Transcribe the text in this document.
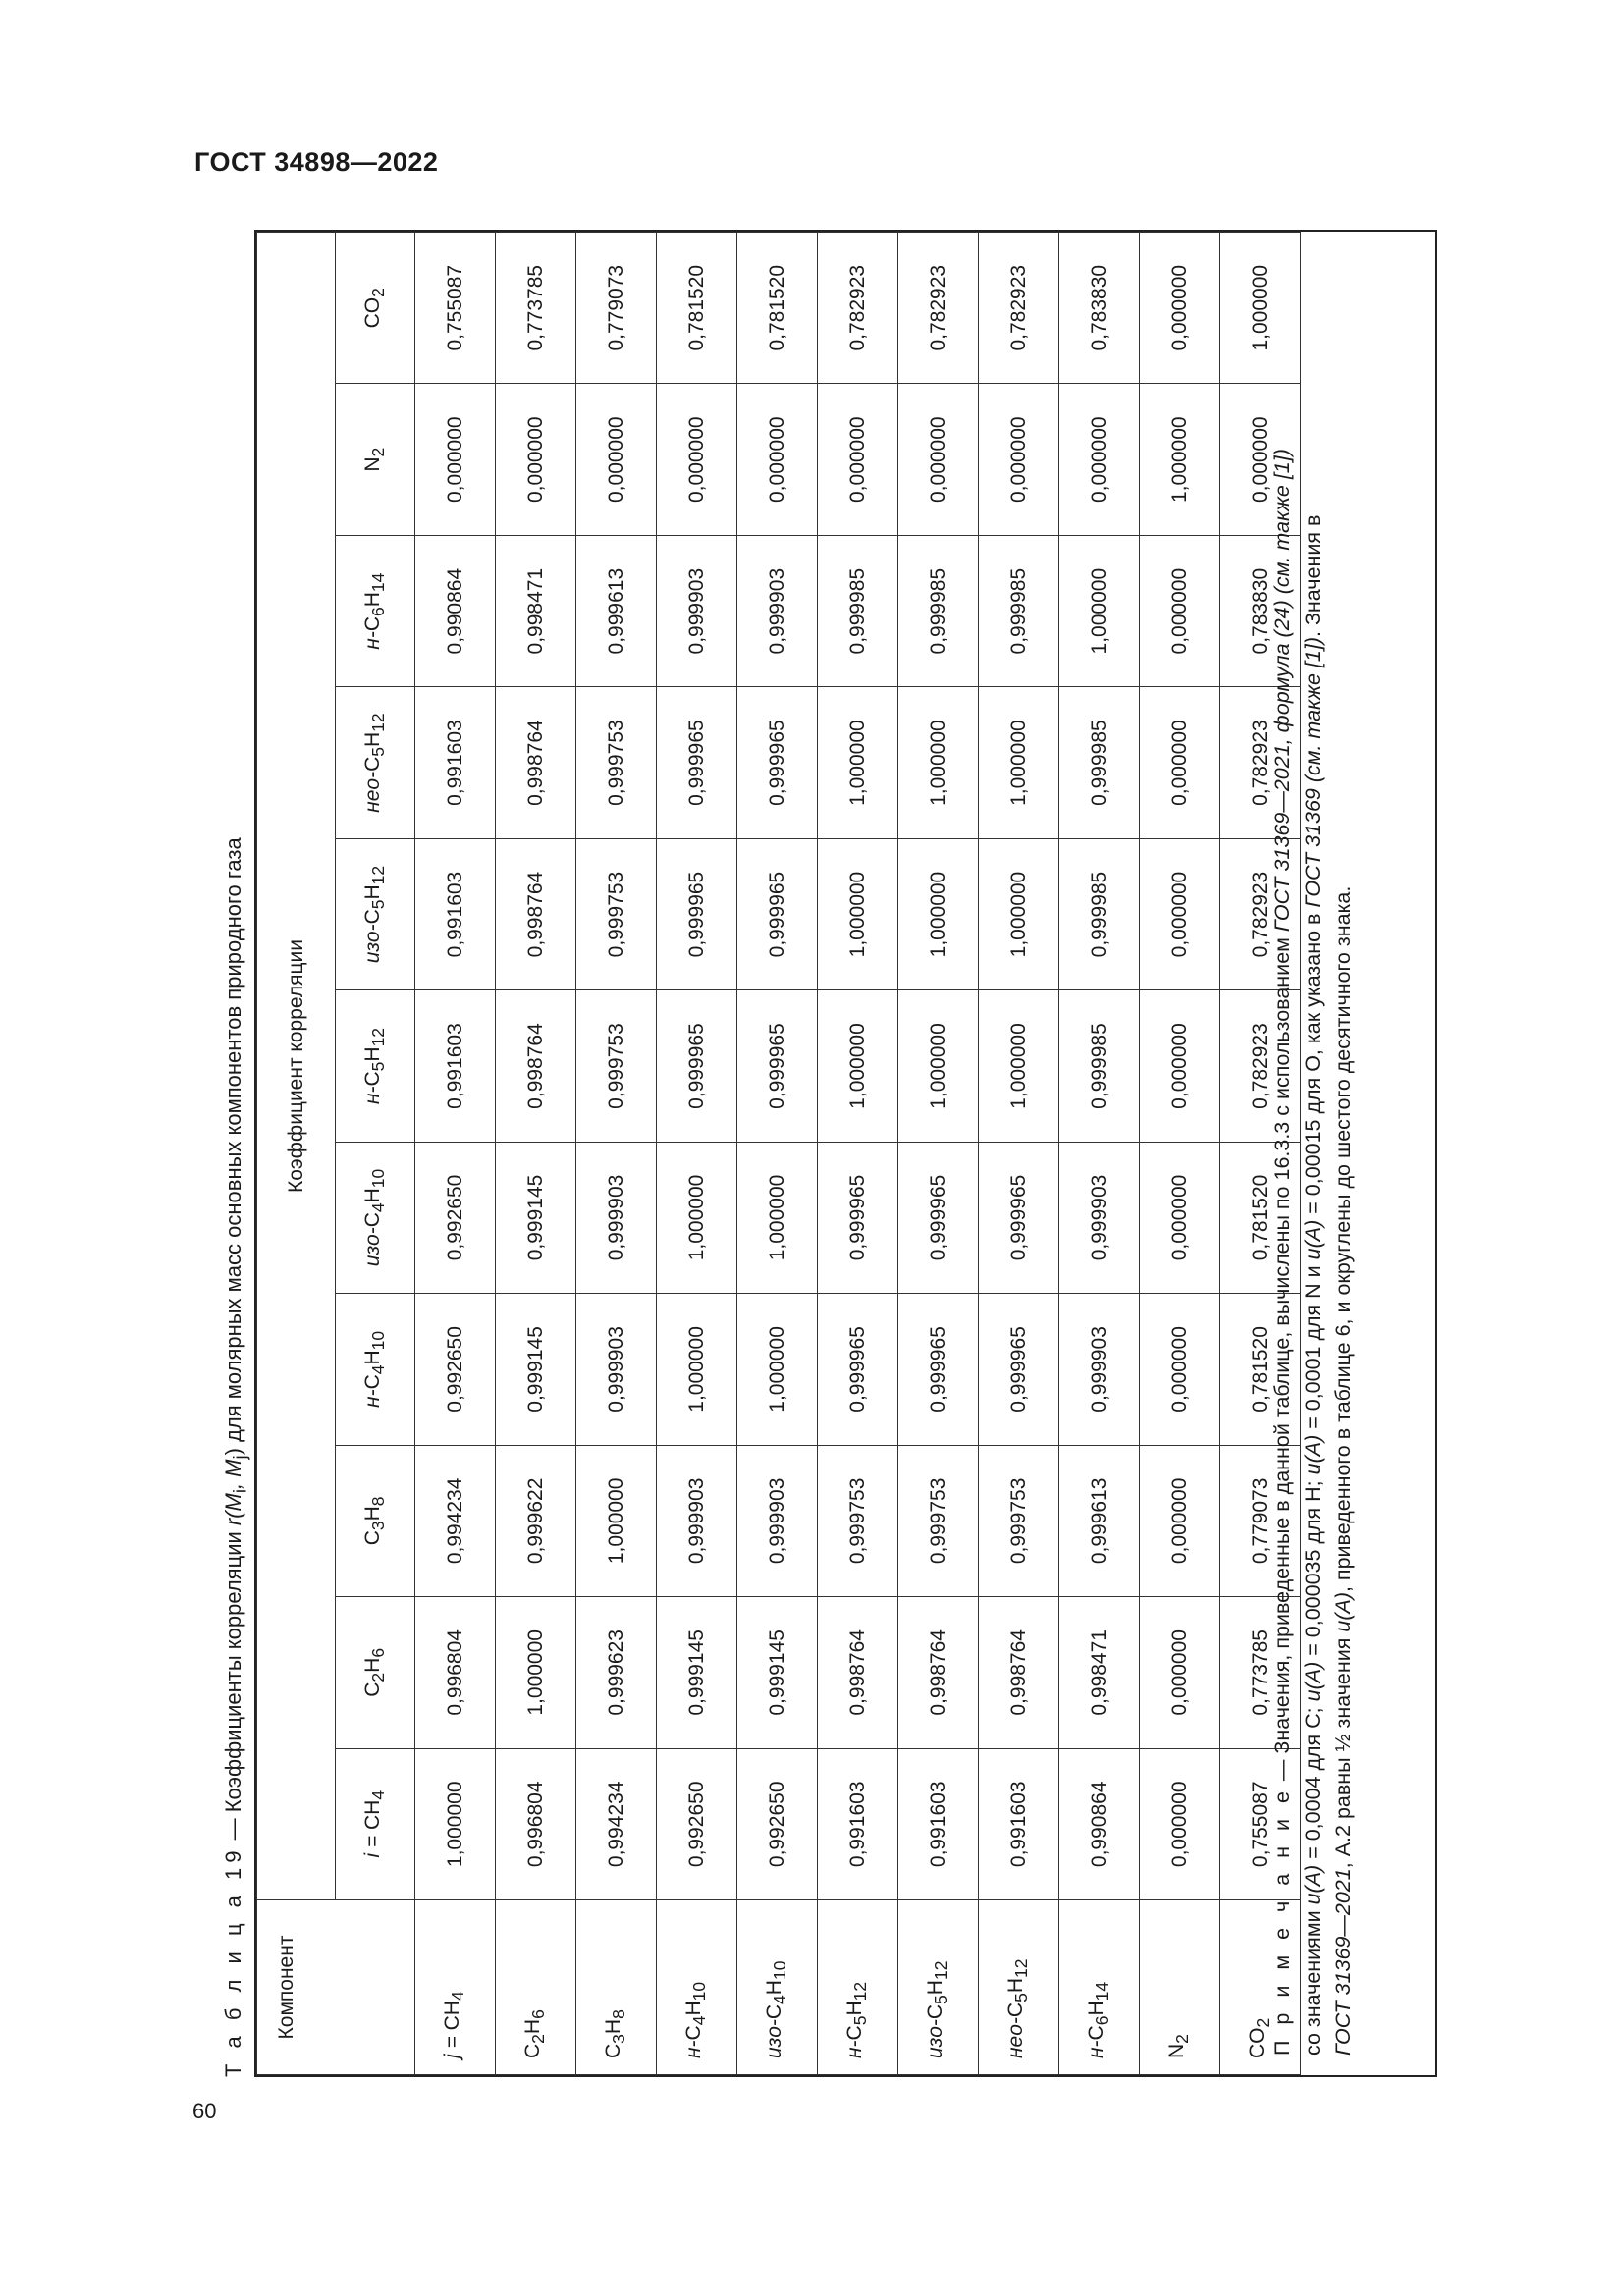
ГОСТ 34898—2022
60
Т а б л и ц а 19 — Коэффициенты корреляции $r(M_i$, $M_j$) для молярных масс основных компонентов природного газа
Компонент	Коэффициент корреляции										
	$i = CH_4$	$C_2H_6$	$C_3H_8$	$н-C_4H_{10}$	изо-$C_4H_{10}$	$н-C_5H_{12}$	изо-$C_5H_{12}$	нео-$C_5H_{12}$	$н-C_6H_{14}$	$N_2$	$CO_2$
$j = CH_4$	1,000000	0,996804	0,994234	0,992650	0,992650	0,991603	0,991603	0,991603	0,990864	0,000000	0,755087
$C_2H_6$	0,996804	1,000000	0,999622	0,999145	0,999145	0,998764	0,998764	0,998764	0,998471	0,000000	0,773785
$C_3H_8$	0,994234	0,999623	1,000000	0,999903	0,999903	0,999753	0,999753	0,999753	0,999613	0,000000	0,779073
$н-C_4H_{10}$	0,992650	0,999145	0,999903	1,000000	1,000000	0,999965	0,999965	0,999965	0,999903	0,000000	0,781520
изо-$C_4H_{10}$	0,992650	0,999145	0,999903	1,000000	1,000000	0,999965	0,999965	0,999965	0,999903	0,000000	0,781520
$н-C_5H_{12}$	0,991603	0,998764	0,999753	0,999965	0,999965	1,000000	1,000000	1,000000	0,999985	0,000000	0,782923
изо-$C_5H_{12}$	0,991603	0,998764	0,999753	0,999965	0,999965	1,000000	1,000000	1,000000	0,999985	0,000000	0,782923
нео-$C_5H_{12}$	0,991603	0,998764	0,999753	0,999965	0,999965	1,000000	1,000000	1,000000	0,999985	0,000000	0,782923
$н-C_6H_{14}$	0,990864	0,998471	0,999613	0,999903	0,999903	0,999985	0,999985	0,999985	1,000000	0,000000	0,783830
$N_2$	0,000000	0,000000	0,000000	0,000000	0,000000	0,000000	0,000000	0,000000	0,000000	1,000000	0,000000
$CO_2$	0,755087	0,773785	0,779073	0,781520	0,781520	0,782923	0,782923	0,782923	0,783830	0,000000	1,000000

П р и м е ч а н и е — Значения, приведенные в данной таблице, вычислены по 16.3.3 с использованием ГОСТ 31369—2021, формула (24) (см. также [1])

со значениями u(A) = 0,0004 для C; u(A) = 0,000035 для H; u(A) = 0,0001 для N и u(A) = 0,00015 для O, как указано в ГОСТ 31369 (см. также [1]). Значения в

ГОСТ 31369—2021, А.2 равны ½ значения u(A), приведенного в таблице 6, и округлены до шестого десятичного знака.
